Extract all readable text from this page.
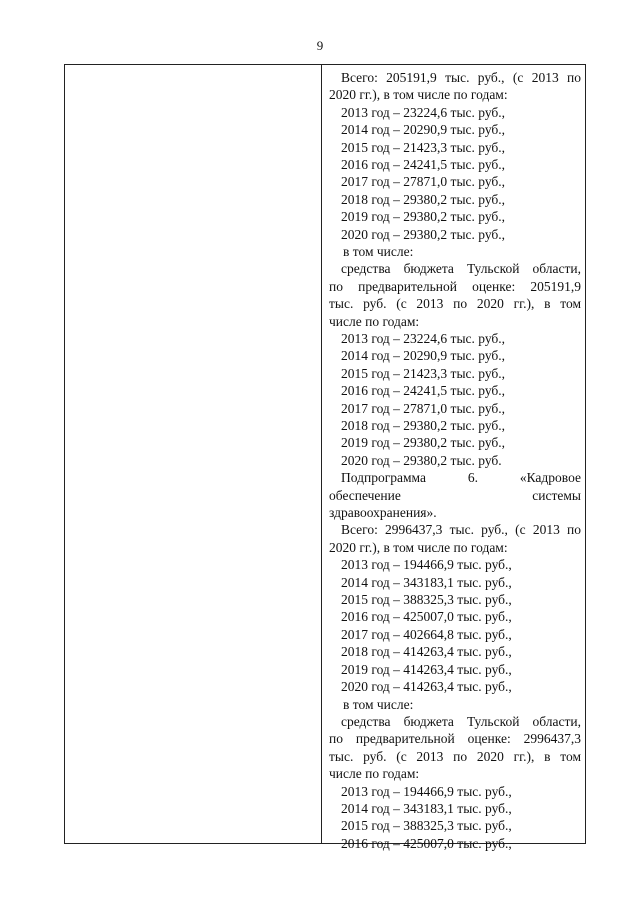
9
Всего: 205191,9 тыс. руб., (с 2013 по
2020 гг.), в том числе по годам:
2013 год – 23224,6 тыс. руб.,
2014 год – 20290,9 тыс. руб.,
2015 год – 21423,3 тыс. руб.,
2016 год – 24241,5 тыс. руб.,
2017 год – 27871,0 тыс. руб.,
2018 год – 29380,2 тыс. руб.,
2019 год – 29380,2 тыс. руб.,
2020 год – 29380,2 тыс. руб.,
в том числе:
средства бюджета Тульской области,
по предварительной оценке: 205191,9
тыс. руб. (с 2013 по 2020 гг.), в том
числе по годам:
2013 год – 23224,6 тыс. руб.,
2014 год – 20290,9 тыс. руб.,
2015 год – 21423,3 тыс. руб.,
2016 год – 24241,5 тыс. руб.,
2017 год – 27871,0 тыс. руб.,
2018 год – 29380,2 тыс. руб.,
2019 год – 29380,2 тыс. руб.,
2020 год – 29380,2 тыс. руб.
Подпрограмма 6. «Кадровое
обеспечение системы
здравоохранения».
Всего: 2996437,3 тыс. руб., (с 2013 по
2020 гг.), в том числе по годам:
2013 год – 194466,9 тыс. руб.,
2014 год – 343183,1 тыс. руб.,
2015 год – 388325,3 тыс. руб.,
2016 год – 425007,0 тыс. руб.,
2017 год – 402664,8 тыс. руб.,
2018 год – 414263,4 тыс. руб.,
2019 год – 414263,4 тыс. руб.,
2020 год – 414263,4 тыс. руб.,
в том числе:
средства бюджета Тульской области,
по предварительной оценке: 2996437,3
тыс. руб. (с 2013 по 2020 гг.), в том
числе по годам:
2013 год – 194466,9 тыс. руб.,
2014 год – 343183,1 тыс. руб.,
2015 год – 388325,3 тыс. руб.,
2016 год – 425007,0 тыс. руб.,
